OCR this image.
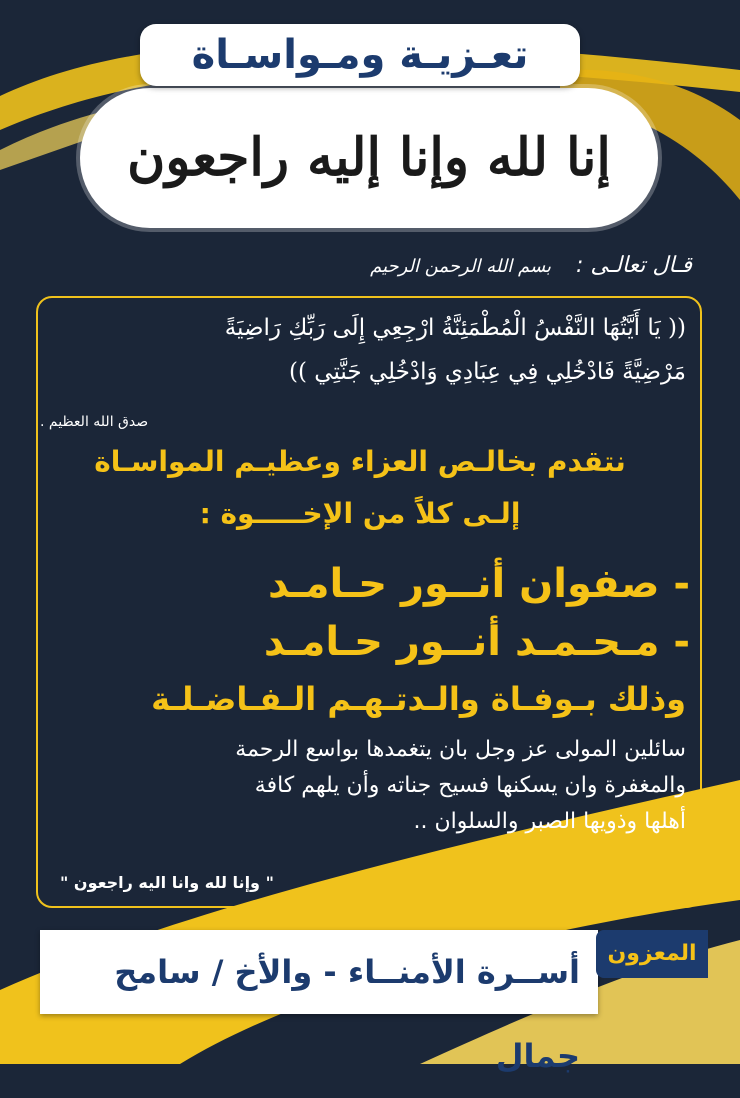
إنا لله وإنا إليه راجعون
تعـزيـة ومـواسـاة
قـال تعالـى : بسم الله الرحمن الرحيم
(( يَا أَيَّتُهَا النَّفْسُ الْمُطْمَئِنَّةُ ارْجِعِي إِلَى رَبِّكِ رَاضِيَةً
مَرْضِيَّةً فَادْخُلِي فِي عِبَادِي وَادْخُلِي جَنَّتِي ))
صدق الله العظيم .
نتقدم بخالـص العزاء وعظيـم المواسـاة
إلـى كلاً من الإخـــــوة :
- صفوان أنــور حـامـد
- مـحـمـد أنــور حـامـد
وذلك بـوفـاة والـدتـهـم الـفـاضـلـة
سائلين المولى عز وجل بان يتغمدها بواسع الرحمة
والمغفرة وان يسكنها فسيح جناته وأن يلهم كافة
أهلها وذويها الصبر والسلوان ..
" وإنا لله وانا اليه راجعون "
أســرة الأمنــاء - والأخ / سامح جمال
المعزون
